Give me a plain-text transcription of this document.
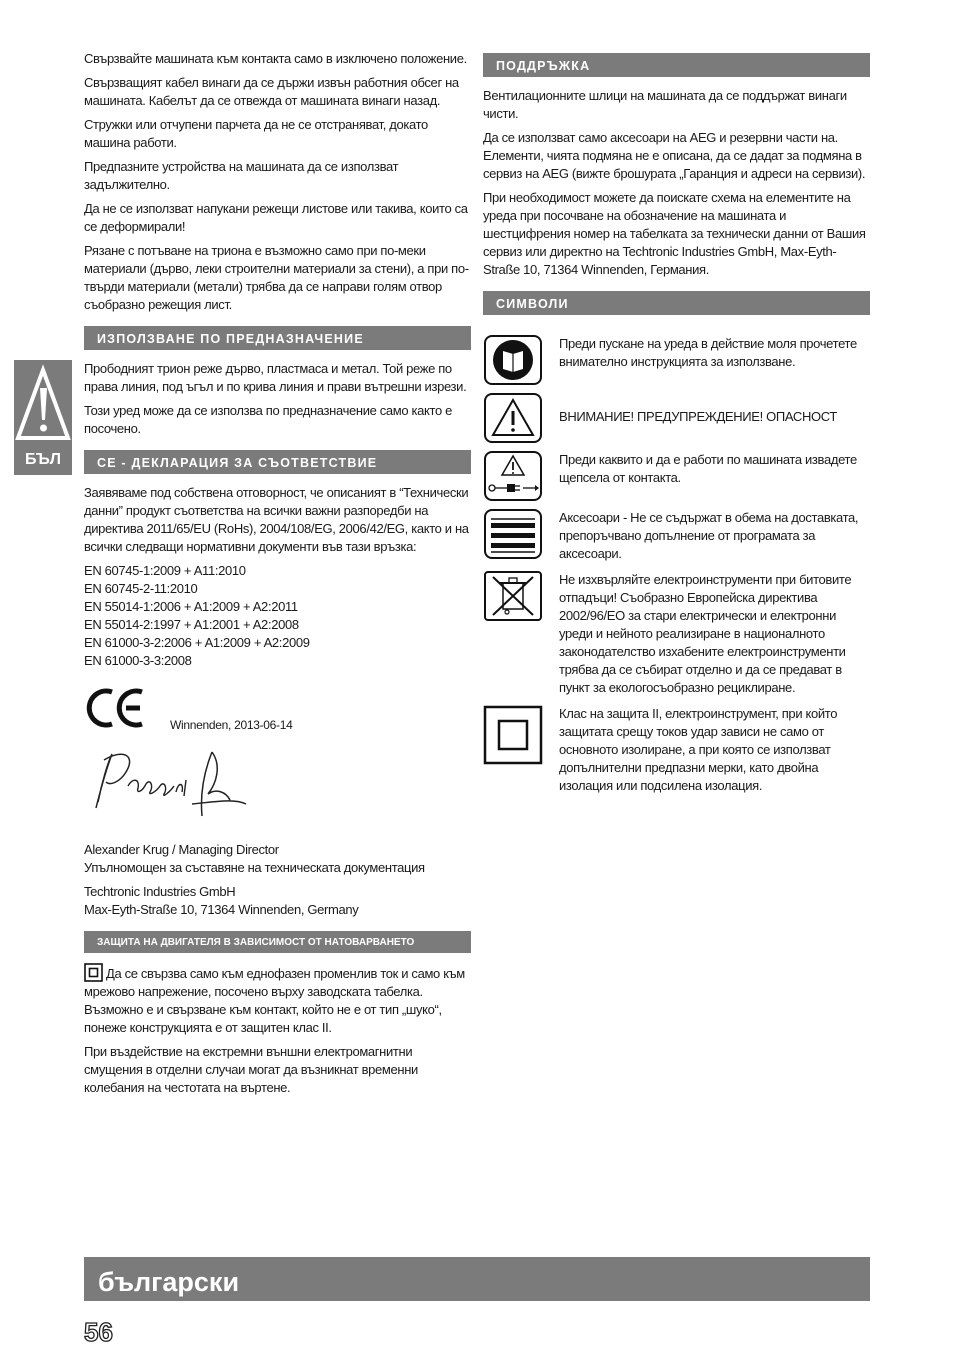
БЪЛ

Свързвайте машината към контакта само в изключено положение.

Свързващият кабел винаги да се държи извън работния обсег на машината. Кабелът да се отвежда от машината винаги назад.

Стружки или отчупени парчета да не се отстраняват, докато машина работи.

Предпазните устройства на машината да се използват задължително.

Да не се използват напукани режещи листове или такива, които са се деформирали!

Рязане с потъване на триона е възможно само при по-меки материали (дърво, леки строителни материали за стени), а при по-твърди материали (метали) трябва да се направи голям отвор съобразно режещия лист.

ИЗПОЛЗВАНЕ ПО ПРЕДНАЗНАЧЕНИЕ

Прободният трион реже дърво, пластмаса и метал. Той реже по права линия, под ъгъл и по крива линия и прави вътрешни изрези.

Този уред може да се използва по предназначение само както е посочено.

CE - ДЕКЛАРАЦИЯ ЗА СЪОТВЕТСТВИЕ

Заявяваме под собствена отговорност, че описаният в “Технически данни” продукт съответства на всички важни разпоредби на директива 2011/65/EU (RoHs), 2004/108/EG, 2006/42/EG, както и на всички следващи нормативни документи във тази връзка:

EN 60745-1:2009 + A11:2010

EN 60745-2-11:2010

EN 55014-1:2006 + A1:2009 + A2:2011

EN 55014-2:1997 + A1:2001 + A2:2008

EN 61000-3-2:2006 + A1:2009 + A2:2009

EN 61000-3-3:2008

Winnenden, 2013-06-14

Alexander Krug / Managing Director

Упълномощен за съставяне на техническата документация

Techtronic Industries GmbH

Max-Eyth-Straße 10, 71364 Winnenden, Germany

ЗАЩИТА НА ДВИГАТЕЛЯ В ЗАВИСИМОСТ ОТ НАТОВАРВАНЕТО

Да се свързва само към еднофазен променлив ток и само към мрежово напрежение, посочено върху заводската табелка. Възможно е и свързване към контакт, който не е от тип „шуко“, понеже конструкцията е от защитен клас II.

При въздействие на екстремни външни електромагнитни смущения в отделни случаи могат да възникнат временни колебания на честотата на въртене.

ПОДДРЪЖКА

Вентилационните шлици на машината да се поддържат винаги чисти.

Да се използват само аксесоари на AEG и резервни части на. Елементи, чиятa подмяна не е описана, да се дадат за подмяна в сервиз на AEG (вижте брошурата „Гаранция и адреси на сервизи).

При необходимост можете да поискате схема на елементите на уреда при посочване на обозначение на машината и шестцифрения номер на табелката за технически данни от Вашия сервиз или директно на Techtronic Industries GmbH, Max-Eyth-Straße 10, 71364 Winnenden, Германия.

СИМВОЛИ

Преди пускане на уреда в действие моля прочетете внимателно инструкцията за използване.

ВНИМАНИЕ! ПРЕДУПРЕЖДЕНИЕ! ОПАСНОСТ

Преди каквито и да е работи по машината извадете щепсела от контакта.

Аксесоари - Не се съдържат в обема на доставката, препоръчвано допълнение от програмата за аксесоари.

Не изхвърляйте електроинструменти при битовите отпадъци! Съобразно Европейска директива 2002/96/EO за стари електрически и електронни уреди и нейното реализиране в националното законодателство изхабените електроинструменти трябва да се събират отделно и да се предават в пункт за екологосъобразно рециклиране.

Клас на защита II, електроинструмент, при който защитата срещу токов удар зависи не само от основното изолиране, а при която се използват допълнителни предпазни мерки, като двойна изолация или подсилена изолация.

български
56
